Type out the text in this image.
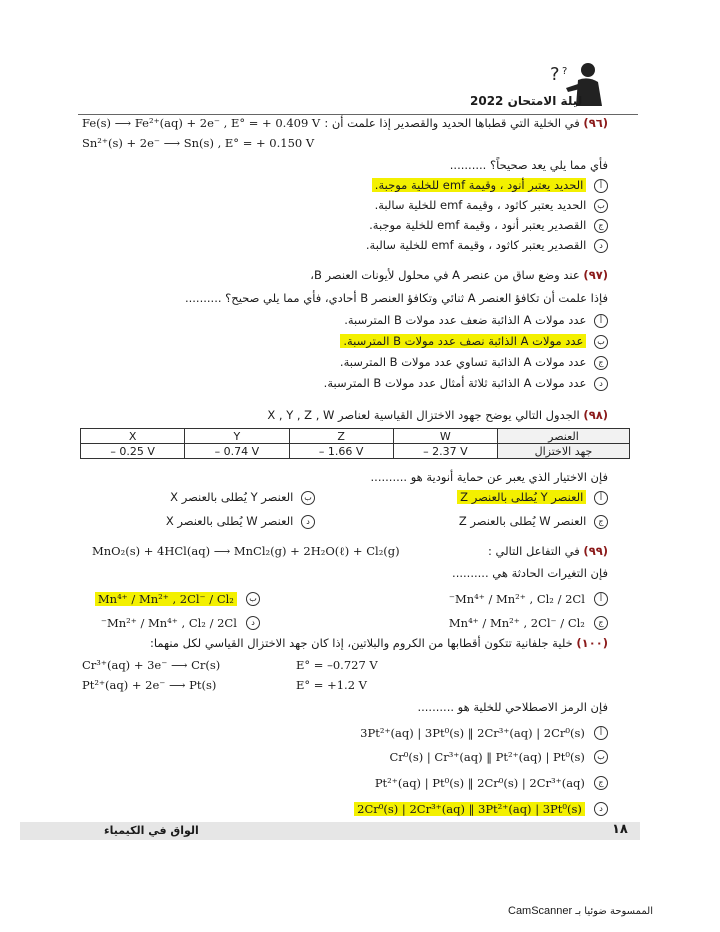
? ?
ليلة الامتحان 2022
(٩٦) في الخلية التي قطباها الحديد والقصدير إذا علمت أن :
Fe(s) ⟶ Fe²⁺(aq) + 2e⁻ , E° = + 0.409 V
Sn²⁺(s) + 2e⁻ ⟶ Sn(s) , E° = + 0.150 V
فأي مما يلي يعد صحيحاً؟ ..........
أ الحديد يعتبر أنود ، وقيمة emf للخلية موجبة.
ب الحديد يعتبر كاثود ، وقيمة emf للخلية سالبة.
ج القصدير يعتبر أنود ، وقيمة emf للخلية موجبة.
د القصدير يعتبر كاثود ، وقيمة emf للخلية سالبة.
(٩٧) عند وضع ساق من عنصر A في محلول لأيونات العنصر B،
فإذا علمت أن تكافؤ العنصر A ثنائي وتكافؤ العنصر B أحادي، فأي مما يلي صحيح؟ ..........
أ عدد مولات A الذائبة ضعف عدد مولات B المترسبة.
ب عدد مولات A الذائبة نصف عدد مولات B المترسبة.
ج عدد مولات A الذائبة تساوي عدد مولات B المترسبة.
د عدد مولات A الذائبة ثلاثة أمثال عدد مولات B المترسبة.
(٩٨) الجدول التالي يوضح جهود الاختزال القياسية لعناصر X , Y , Z , W
العنصر	W	Z	Y	X
جهد الاختزال	– 2.37 V	– 1.66 V	– 0.74 V	– 0.25 V
فإن الاختيار الذي يعبر عن حماية أنودية هو ..........
أ العنصر Y يُطلى بالعنصر Z
ب العنصر Y يُطلى بالعنصر X
ج العنصر W يُطلى بالعنصر Z
د العنصر W يُطلى بالعنصر X
(٩٩) في التفاعل التالي :
MnO₂(s) + 4HCl(aq) ⟶ MnCl₂(g) + 2H₂O(ℓ) + Cl₂(g)
فإن التغيرات الحادثة هي ..........
أ Mn⁴⁺ / Mn²⁺ , Cl₂ / 2Cl⁻
ب Mn⁴⁺ / Mn²⁺ , 2Cl⁻ / Cl₂
ج Mn⁴⁺ / Mn²⁺ , 2Cl⁻ / Cl₂
د Mn²⁺ / Mn⁴⁺ , Cl₂ / 2Cl⁻
(١٠٠) خلية جلفانية تتكون أقطابها من الكروم والبلاتين، إذا كان جهد الاختزال القياسي لكل منهما:
Cr³⁺(aq) + 3e⁻ ⟶ Cr(s)	E° = –0.727 V
Pt²⁺(aq) + 2e⁻ ⟶ Pt(s)	E° = +1.2 V
فإن الرمز الاصطلاحي للخلية هو ..........
أ 3Pt²⁺(aq) | 3Pt⁰(s) ‖ 2Cr³⁺(aq) | 2Cr⁰(s)
ب Cr⁰(s) | Cr³⁺(aq) ‖ Pt²⁺(aq) | Pt⁰(s)
ج Pt²⁺(aq) | Pt⁰(s) ‖ 2Cr⁰(s) | 2Cr³⁺(aq)
د 2Cr⁰(s) | 2Cr³⁺(aq) ‖ 3Pt²⁺(aq) | 3Pt⁰(s)
الواق في الكيمياء	١٨
الممسوحة ضوئيا بـ CamScanner
